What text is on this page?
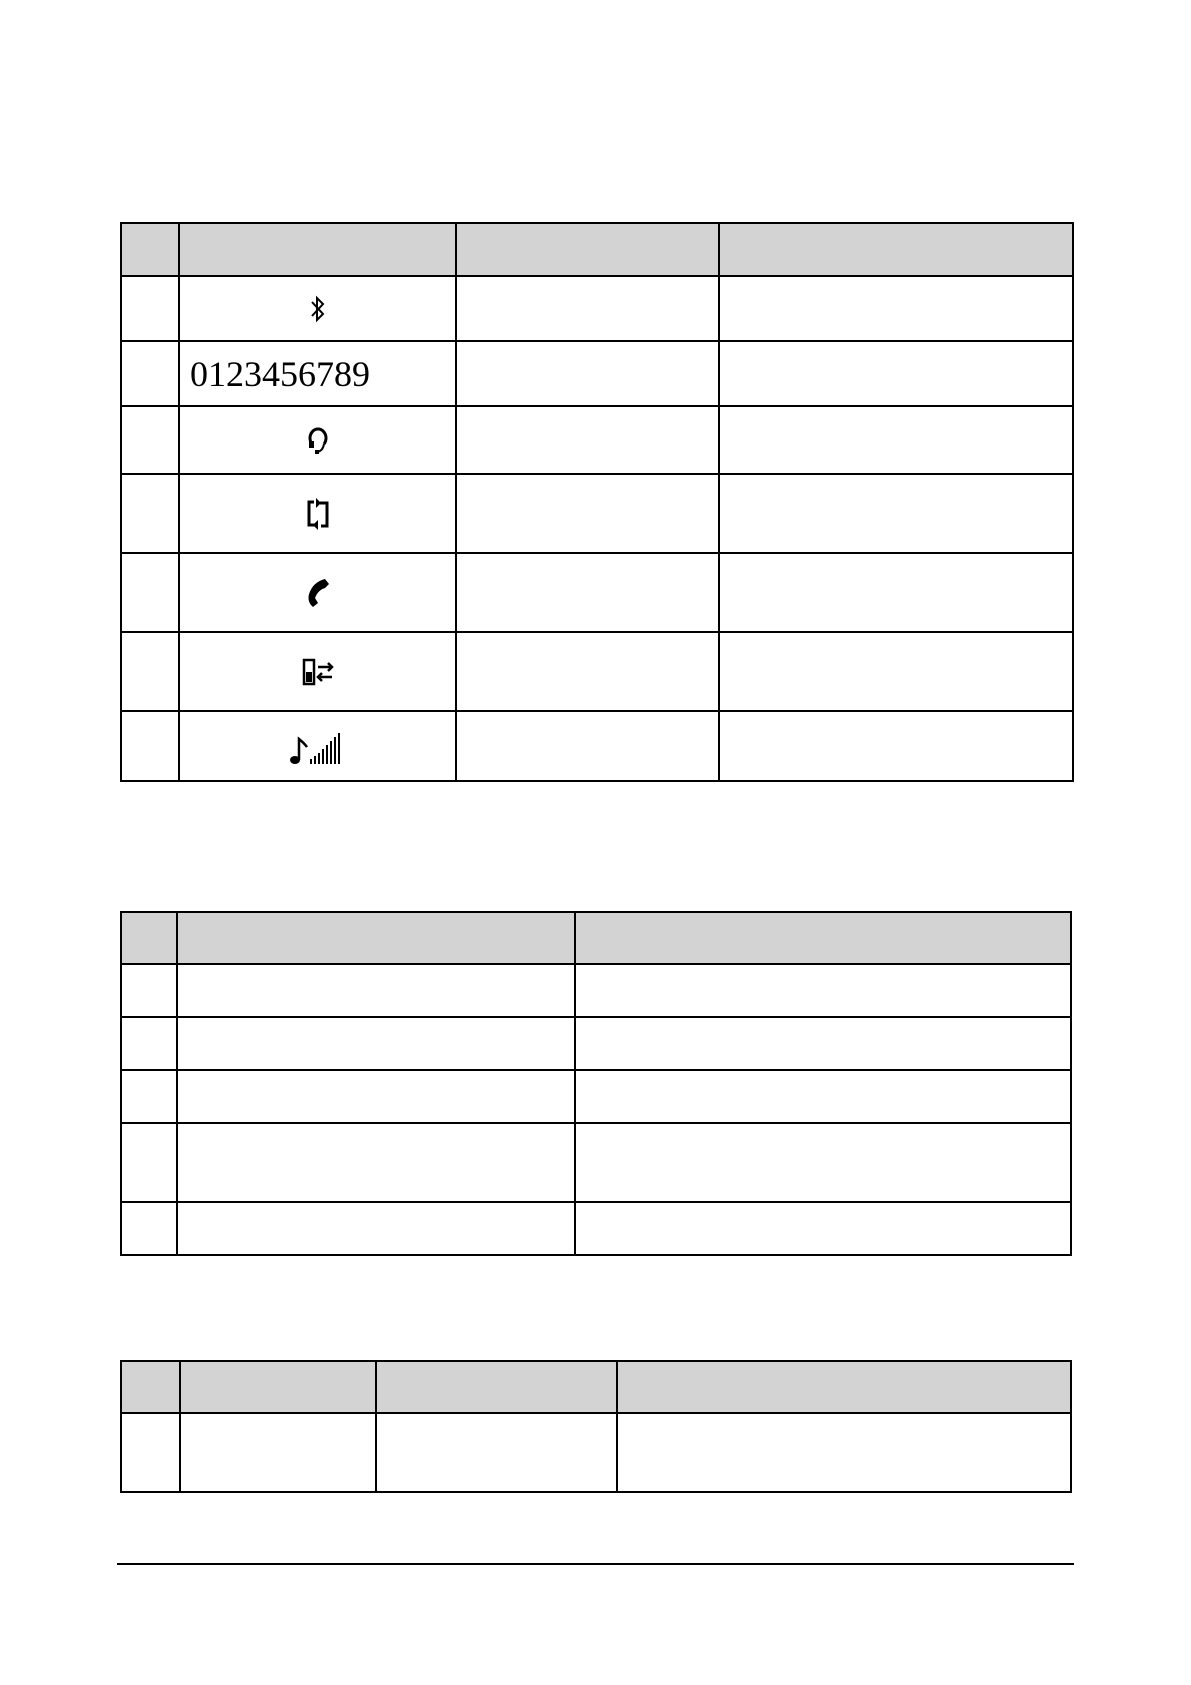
	0123456789		
